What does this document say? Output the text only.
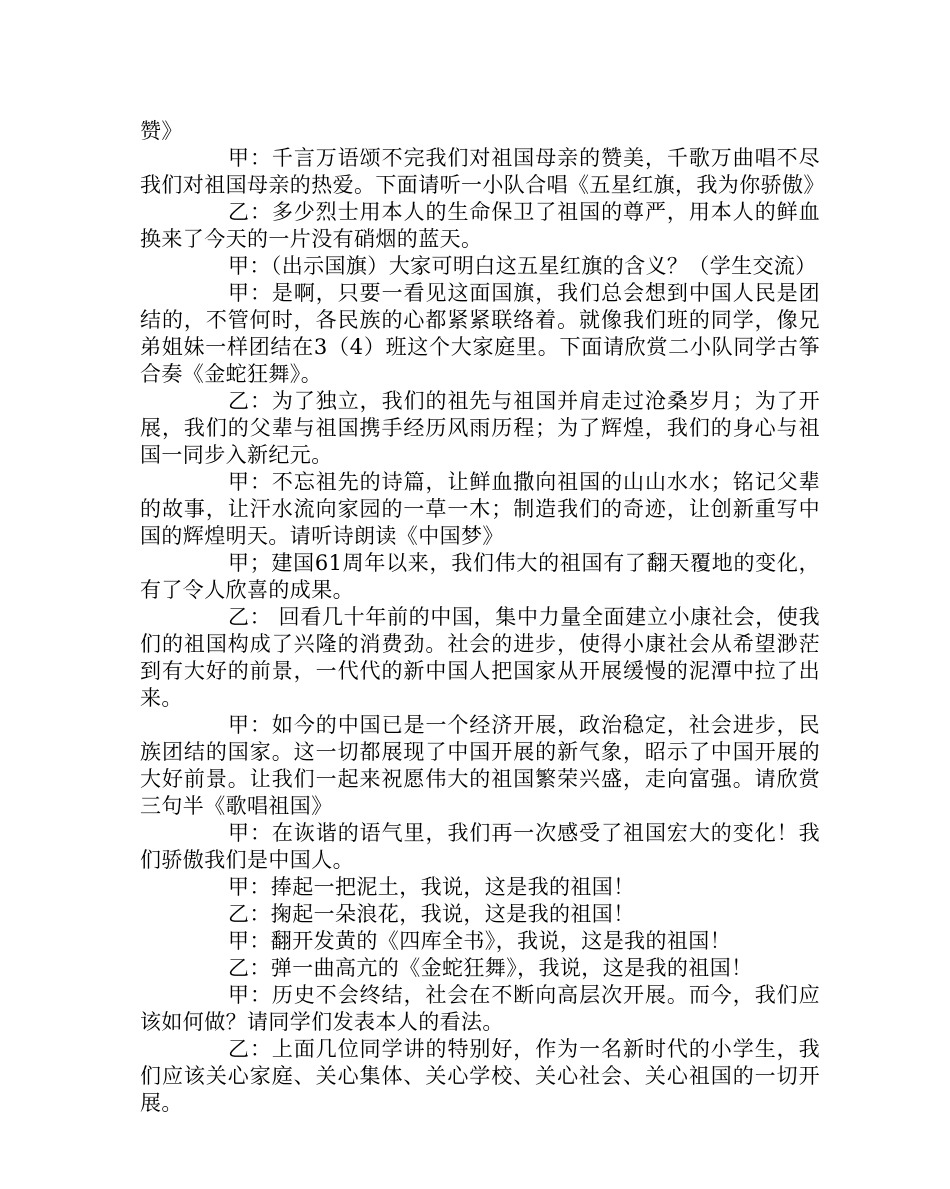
赞》

甲：千言万语颂不完我们对祖国母亲的赞美，千歌万曲唱不尽我们对祖国母亲的热爱。下面请听一小队合唱《五星红旗，我为你骄傲》

乙：多少烈士用本人的生命保卫了祖国的尊严，用本人的鲜血换来了今天的一片没有硝烟的蓝天。

甲：（出示国旗）大家可明白这五星红旗的含义？（学生交流）

甲：是啊，只要一看见这面国旗，我们总会想到中国人民是团结的，不管何时，各民族的心都紧紧联络着。就像我们班的同学，像兄弟姐妹一样团结在3（4）班这个大家庭里。下面请欣赏二小队同学古筝合奏《金蛇狂舞》。

乙：为了独立，我们的祖先与祖国并肩走过沧桑岁月；为了开展，我们的父辈与祖国携手经历风雨历程；为了辉煌，我们的身心与祖国一同步入新纪元。

甲：不忘祖先的诗篇，让鲜血撒向祖国的山山水水；铭记父辈的故事，让汗水流向家园的一草一木；制造我们的奇迹，让创新重写中国的辉煌明天。请听诗朗读《中国梦》

甲；建国61周年以来，我们伟大的祖国有了翻天覆地的变化，有了令人欣喜的成果。

乙： 回看几十年前的中国，集中力量全面建立小康社会，使我们的祖国构成了兴隆的消费劲。社会的进步，使得小康社会从希望渺茫到有大好的前景，一代代的新中国人把国家从开展缓慢的泥潭中拉了出来。

甲：如今的中国已是一个经济开展，政治稳定，社会进步，民族团结的国家。这一切都展现了中国开展的新气象，昭示了中国开展的大好前景。让我们一起来祝愿伟大的祖国繁荣兴盛，走向富强。请欣赏三句半《歌唱祖国》

甲：在诙谐的语气里，我们再一次感受了祖国宏大的变化！我们骄傲我们是中国人。

甲：捧起一把泥土，我说，这是我的祖国！

乙：掬起一朵浪花，我说，这是我的祖国！

甲：翻开发黄的《四库全书》，我说，这是我的祖国！

乙：弹一曲高亢的《金蛇狂舞》，我说，这是我的祖国！

甲：历史不会终结，社会在不断向高层次开展。而今，我们应该如何做？请同学们发表本人的看法。

乙：上面几位同学讲的特别好，作为一名新时代的小学生，我们应该关心家庭、关心集体、关心学校、关心社会、关心祖国的一切开展。
